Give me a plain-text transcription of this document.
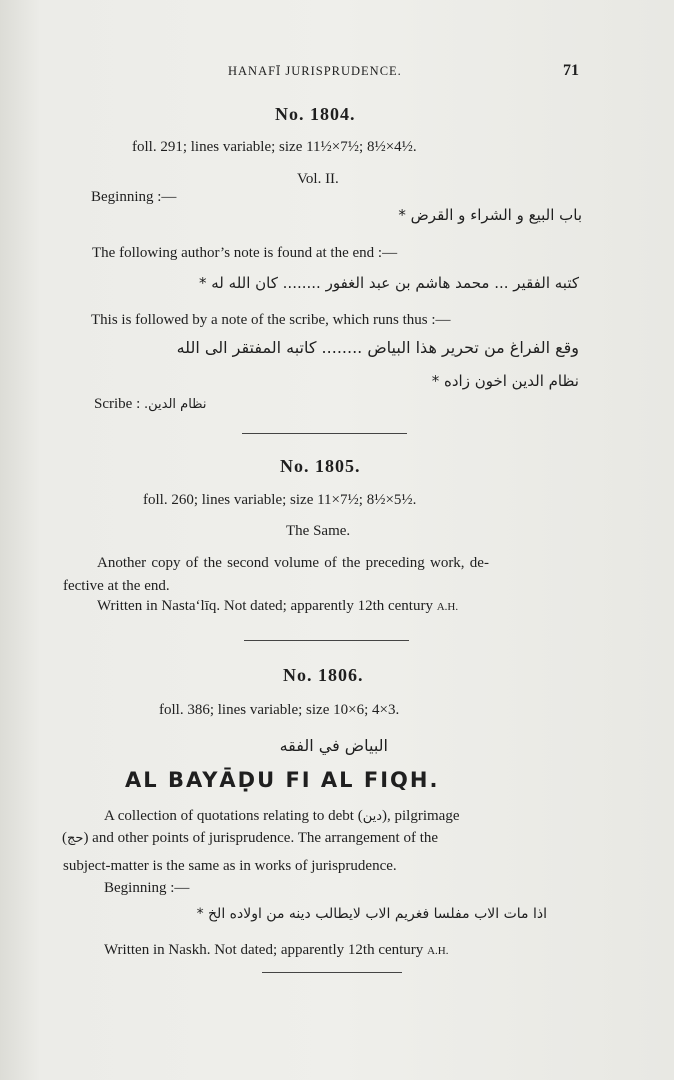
HANAFĪ JURISPRUDENCE.	71
No. 1804.
foll. 291; lines variable; size 11½×7½; 8½×4½.
Vol. II.
Beginning :—
باب البيع و الشراء و القرض *
The following author’s note is found at the end :—
كتبه الفقير ... محمد هاشم بن عبد الغفور ........ كان الله له *
This is followed by a note of the scribe, which runs thus :—
وقع الفراغ من تحرير هذا البياض ........ كاتبه المفتقر الى الله
نظام الدين اخون زاده *
Scribe : نظام الدين.
No. 1805.
foll. 260; lines variable; size 11×7½; 8½×5½.
The Same.
Another copy of the second volume of the preceding work, de-
fective at the end.
Written in Nasta‘līq. Not dated; apparently 12th century A.H.
No. 1806.
foll. 386; lines variable; size 10×6; 4×3.
البياض في الفقه
AL BAYĀḌU FI AL FIQH.
A collection of quotations relating to debt (دين), pilgrimage
(حج) and other points of jurisprudence. The arrangement of the
subject-matter is the same as in works of jurisprudence.
Beginning :—
اذا مات الاب مفلسا فغريم الاب لايطالب دينه من اولاده الخ *
Written in Naskh. Not dated; apparently 12th century A.H.
